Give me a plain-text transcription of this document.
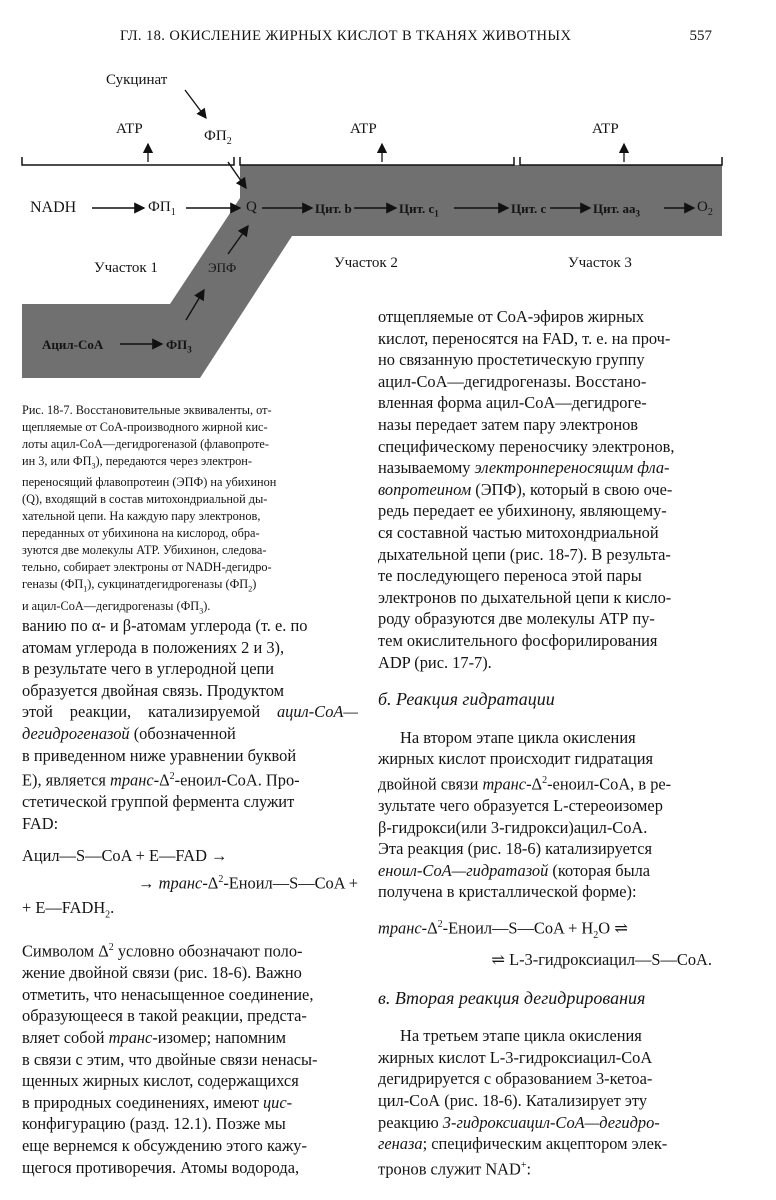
ГЛ. 18. ОКИСЛЕНИЕ ЖИРНЫХ КИСЛОТ В ТКАНЯХ ЖИВОТНЫХ	557
Сукцинат
ATP	ATP	ATP
$ФП_2$
NADH	$ФП_1$	Q	Цит. b	Цит. $c_1$	Цит. c	Цит. $aa_3$	$O_2$
ЭПФ
Ацил-CoA	$ФП_3$
Участок 1	Участок 2	Участок 3

Рис. 18-7. Восстановительные эквиваленты, от-

щепляемые от СоА-производного жирной кис-

лоты ацил-СоА—дегидрогеназой (флавопроте-

ин 3, или $ФП_3$), передаются через электрон-

переносящий флавопротеин (ЭПФ) на убихинон

(Q), входящий в состав митохондриальной ды-

хательной цепи. На каждую пару электронов,

переданных от убихинона на кислород, обра-

зуются две молекулы АТР. Убихинон, следова-

тельно, собирает электроны от NADH-дегидро-

геназы $(ФП_1)$, сукцинатдегидрогеназы $(ФП_2)$

и ацил-СоА—дегидрогеназы $(ФП_3)$.

ванию по α- и β-атомам углерода (т. е. по

атомам углерода в положениях 2 и 3),

в результате чего в углеродной цепи

образуется двойная связь. Продуктом

этой реакции, катализируемой ацил-СоА—дегидрогеназой (обозначенной

в приведенном ниже уравнении буквой

Е), является транс-$\Delta^2-еноил$-СоА. Про-

стетической группой фермента служит

FAD:

Ацил—S—CoA + E—FAD →

→ транс-$\Delta^2-Еноил—S—CoA$ +

+ $E—FADH_2$.

Символом $\Delta^2$ условно обозначают поло-

жение двойной связи (рис. 18-6). Важно

отметить, что ненасыщенное соединение,

образующееся в такой реакции, предста-

вляет собой транс-изомер; напомним

в связи с этим, что двойные связи ненасы-

щенных жирных кислот, содержащихся

в природных соединениях, имеют цис-

конфигурацию (разд. 12.1). Позже мы

еще вернемся к обсуждению этого кажу-

щегося противоречия. Атомы водорода,

отщепляемые от СоА-эфиров жирных

кислот, переносятся на FAD, т. е. на проч-

но связанную простетическую группу

ацил-СоА—дегидрогеназы. Восстано-

вленная форма ацил-СоА—дегидроге-

назы передает затем пару электронов

специфическому переносчику электронов,

называемому электронпереносящим фла-

вопротеином (ЭПФ), который в свою оче-

редь передает ее убихинону, являющему-

ся составной частью митохондриальной

дыхательной цепи (рис. 18-7). В результа-

те последующего переноса этой пары

электронов по дыхательной цепи к кисло-

роду образуются две молекулы АТР пу-

тем окислительного фосфорилирования

ADP (рис. 17-7).

б. Реакция гидратации

На втором этапе цикла окисления

жирных кислот происходит гидратация

двойной связи транс-$\Delta^2-еноил$-СоА, в ре-

зультате чего образуется L-стереоизомер

β-гидрокси(или 3-гидрокси)ацил-СоА.

Эта реакция (рис. 18-6) катализируется

еноил-СоА—гидратазой (которая была

получена в кристаллической форме):

транс-$\Delta^2-Еноил—S—CoA + H_2O$ ⇌

⇌ L-3-гидроксиацил—S—CoA.

в. Вторая реакция дегидрирования

На третьем этапе цикла окисления

жирных кислот L-3-гидроксиацил-СоА

дегидрируется с образованием 3-кетоа-

цил-СоА (рис. 18-6). Катализирует эту

реакцию 3-гидроксиацил-СоА—дегидро-

геназа; специфическим акцептором элек-

тронов служит NAD+:
